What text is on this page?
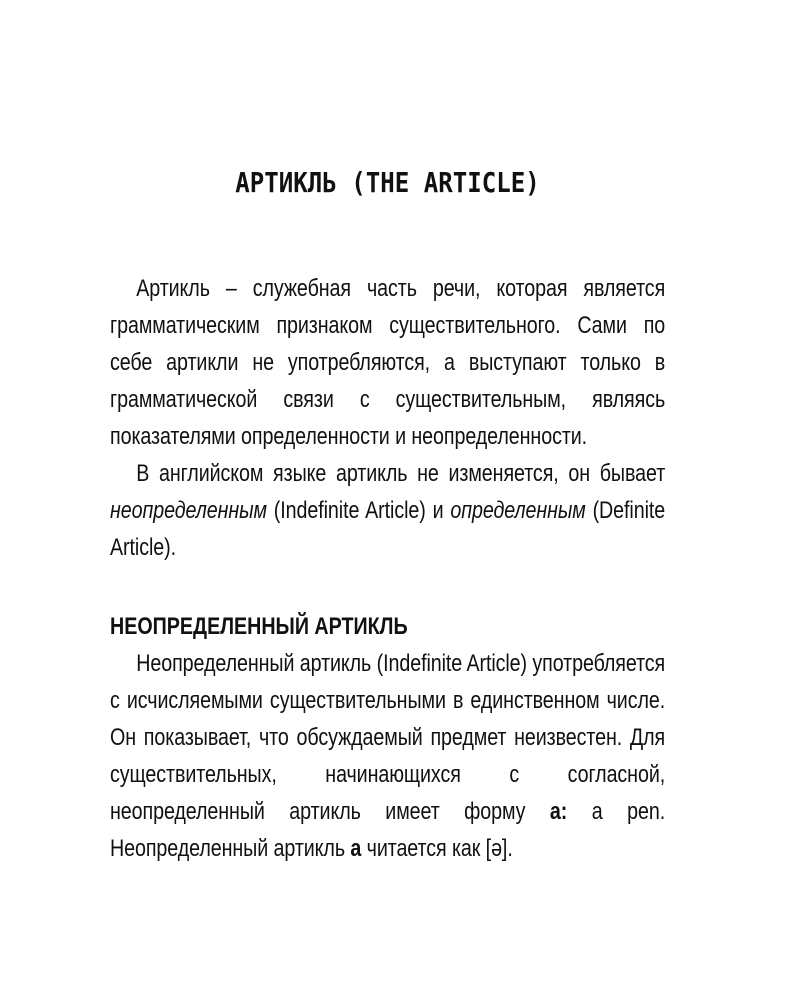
АРТИКЛЬ (THE ARTICLE)

Артикль – служебная часть речи, которая является грамматическим признаком существительного. Сами по себе артикли не употребляются, а выступают только в грамматической связи с существительным, являясь показателями определенности и неопределенности.

В английском языке артикль не изменяется, он бывает неопределенным (Indefinite Article) и определенным (Definite Article).

НЕОПРЕДЕЛЕННЫЙ АРТИКЛЬ

Неопределенный артикль (Indefinite Article) употребляется с исчисляемыми существительными в единственном числе. Он показывает, что обсуждаемый предмет неизвестен. Для существительных, начинающихся с согласной, неопределенный артикль имеет форму a: a pen. Неопределенный артикль a читается как [ə].
